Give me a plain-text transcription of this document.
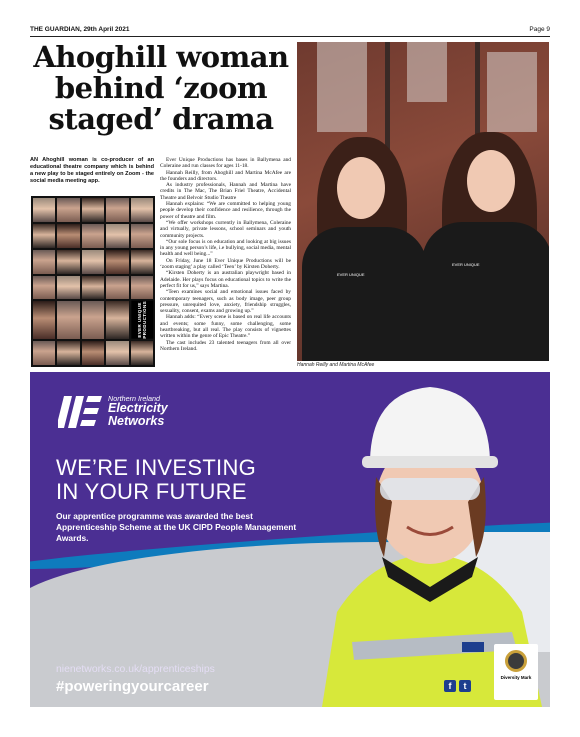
THE GUARDIAN, 29th April 2021	Page 9
Ahoghill woman behind ‘zoom staged’ drama
AN Ahoghill woman is co-producer of an educational theatre company which is behind a new play to be staged entirely on Zoom - the social media meeting app.
EVER UNIQUE PRODUCTIONS

Ever Unique Productions has bases in Ballymena and Coleraine and run classes for ages 11-18.

Hannah Reilly, from Ahoghill and Martina McAfee are the founders and directors.

As industry professionals, Hannah and Martina have credits in The Mac, The Brian Friel Theatre, Accidental Theatre and Belvoir Studio Theatre

Hannah explains: “We are committed to helping young people develop their confidence and resilience, through the power of theatre and film.

“We offer workshops currently in Ballymena, Coleraine and virtually, private lessons, school seminars and youth community projects.

“Our sole focus is on education and looking at big issues in any young person’s life, i.e bullying, social media, mental health and well being...”

On Friday, June 18 Ever Unique Productions will be ‘zoom staging’ a play called ‘Teen’ by Kirsten Doherty.

“Kirsten Doherty is an australian playwright based in Adelaide. Her plays focus on educational topics to write the perfect fit for us,” says Martina.

“Teen examines social and emotional issues faced by contemporary teenagers, such as body image, peer group pressure, unrequited love, anxiety, friendship struggles, sexuality, consent, exams and growing up.”

Hannah adds: “Every scene is based on real life accounts and events; some funny, some challenging, some heartbreaking, but all real. The play consists of vignettes written within the genre of Epic Theatre.”

The cast includes 23 talented teenagers from all over Northern Ireland.

EVER UNIQUE
EVER UNIQUE
Hannah Reilly and Martina McAfee
Northern Ireland
Electricity
Networks
WE’RE INVESTING
IN YOUR FUTURE
Our apprentice programme was awarded the best Apprenticeship Scheme at the UK CIPD People Management Awards.
nienetworks.co.uk/apprenticeships
#poweringyourcareer	f	t
Diversity Mark
